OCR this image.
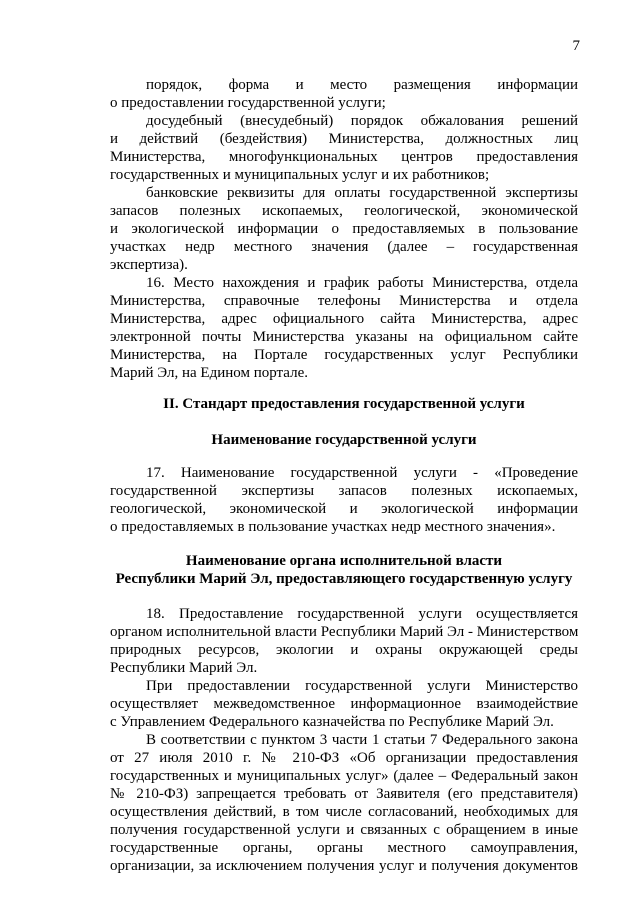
7
порядок, форма и место размещения информации
о предоставлении государственной услуги;
досудебный (внесудебный) порядок обжалования решений
и действий (бездействия) Министерства, должностных лиц
Министерства, многофункциональных центров предоставления
государственных и муниципальных услуг и их работников;
банковские реквизиты для оплаты государственной экспертизы
запасов полезных ископаемых, геологической, экономической
и экологической информации о предоставляемых в пользование
участках недр местного значения (далее – государственная
экспертиза).
16. Место нахождения и график работы Министерства, отдела
Министерства, справочные телефоны Министерства и отдела
Министерства, адрес официального сайта Министерства, адрес
электронной почты Министерства указаны на официальном сайте
Министерства, на Портале государственных услуг Республики
Марий Эл, на Едином портале.
II. Стандарт предоставления государственной услуги
Наименование государственной услуги
17. Наименование государственной услуги - «Проведение
государственной экспертизы запасов полезных ископаемых,
геологической, экономической и экологической информации
о предоставляемых в пользование участках недр местного значения».
Наименование органа исполнительной власти
Республики Марий Эл, предоставляющего государственную услугу
18. Предоставление государственной услуги осуществляется
органом исполнительной власти Республики Марий Эл - Министерством
природных ресурсов, экологии и охраны окружающей среды
Республики Марий Эл.
При предоставлении государственной услуги Министерство
осуществляет межведомственное информационное взаимодействие
с Управлением Федерального казначейства по Республике Марий Эл.
В соответствии с пунктом 3 части 1 статьи 7 Федерального закона
от 27 июля 2010 г. № 210-ФЗ «Об организации предоставления
государственных и муниципальных услуг» (далее – Федеральный закон
№ 210-ФЗ) запрещается требовать от Заявителя (его представителя)
осуществления действий, в том числе согласований, необходимых для
получения государственной услуги и связанных с обращением в иные
государственные органы, органы местного самоуправления,
организации, за исключением получения услуг и получения документов
